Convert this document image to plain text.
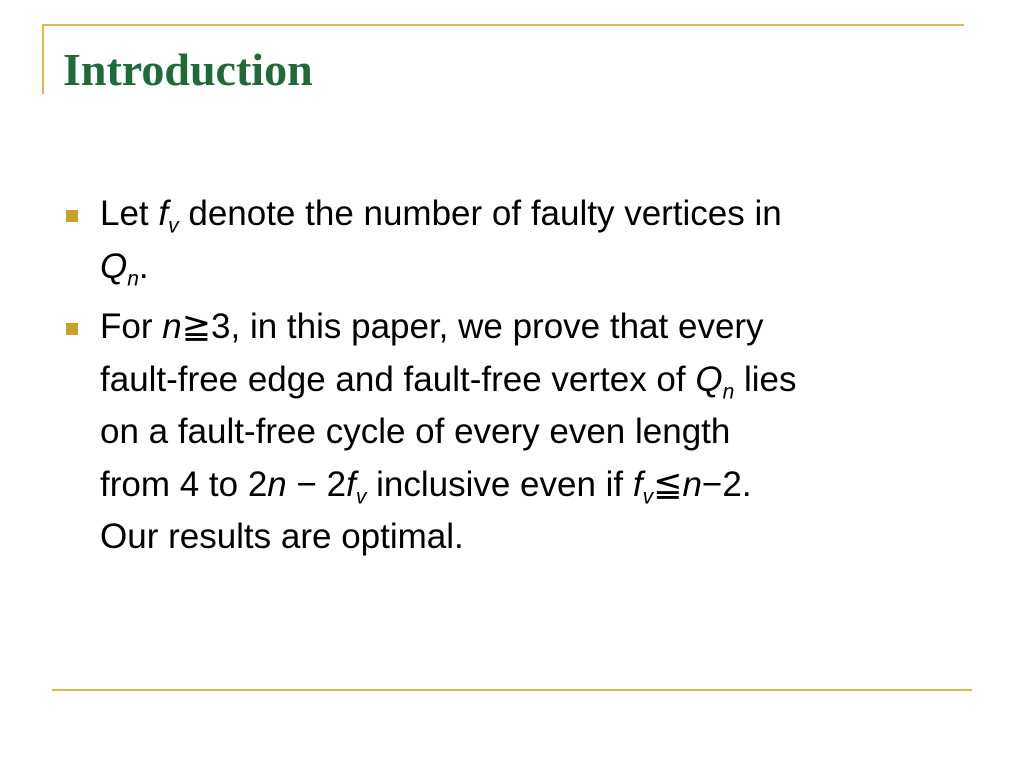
Introduction
Let $f_v$ denote the number of faulty vertices in
$Q_n$.
For n≧3, in this paper, we prove that every
fault-free edge and fault-free vertex of $Q_n$ lies
on a fault-free cycle of every even length
from 4 to $2n - 2f_v$ inclusive even if $f_v≦n-2$.
Our results are optimal.
